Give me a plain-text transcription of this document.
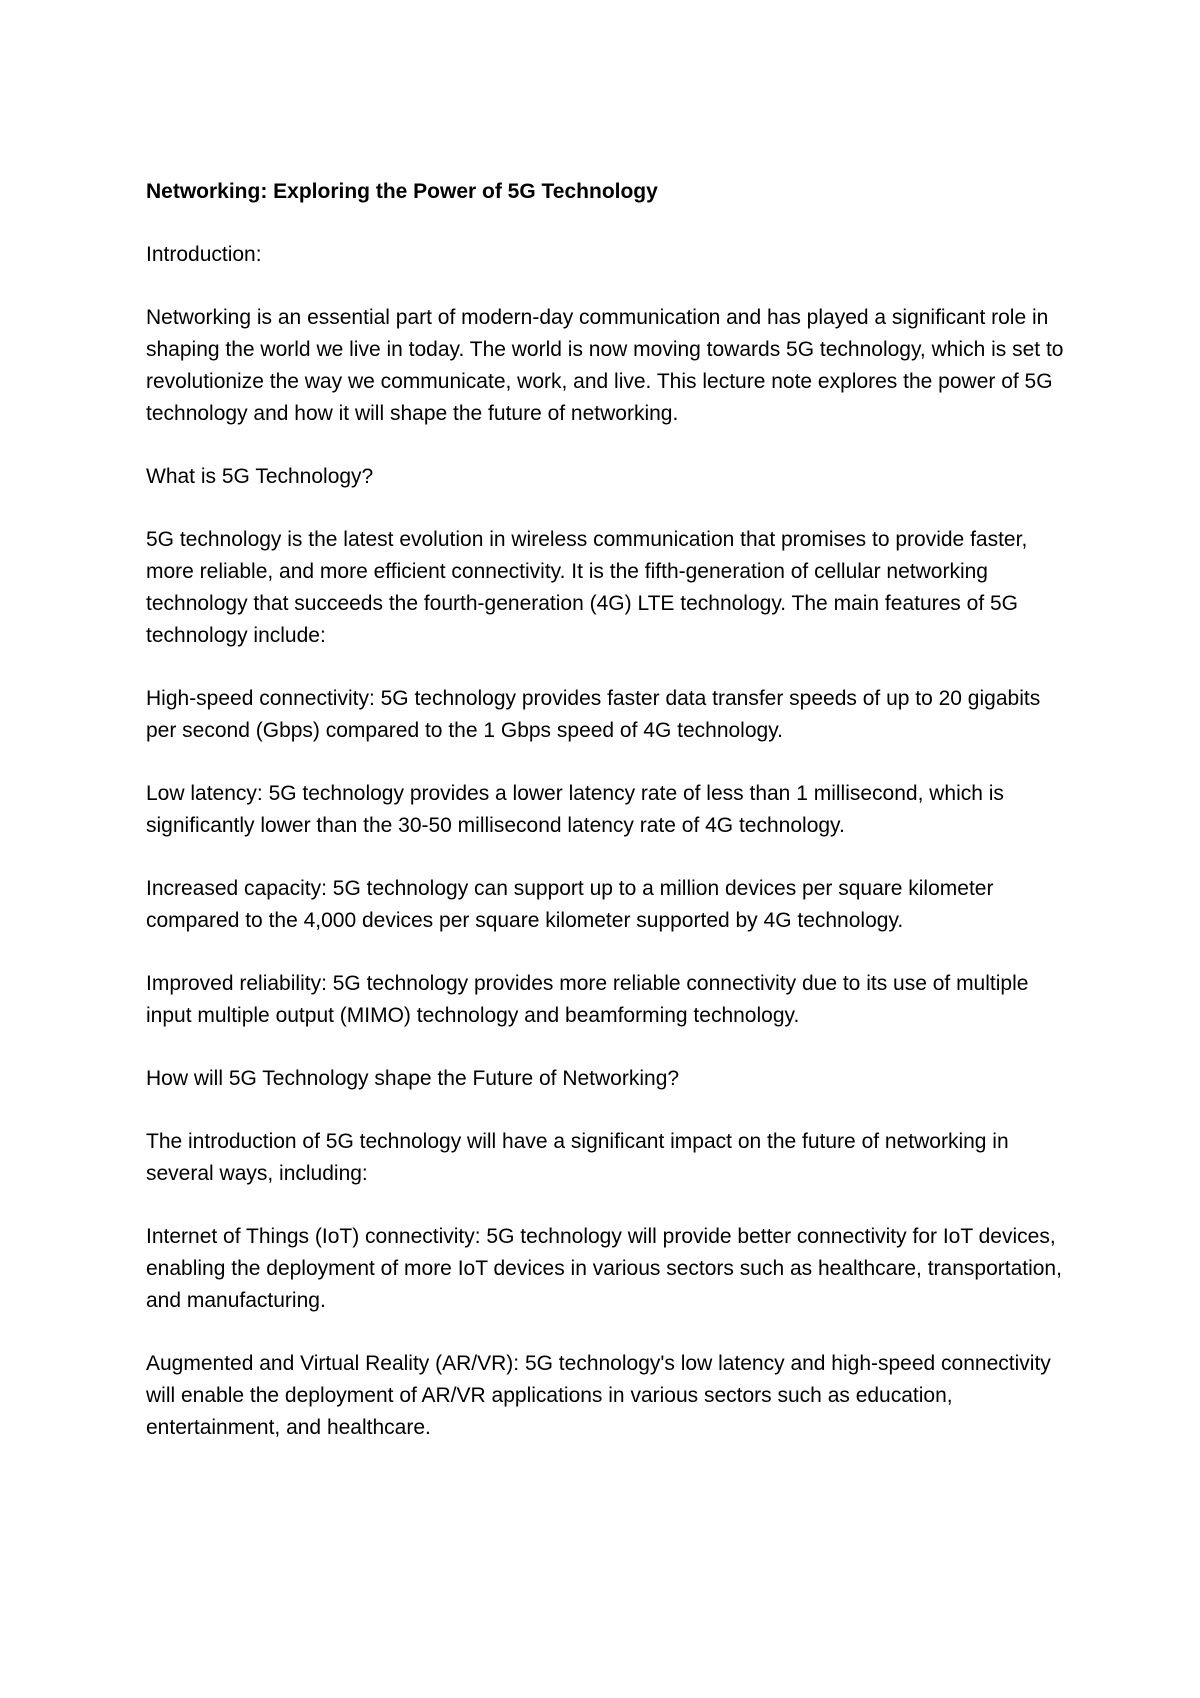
Networking: Exploring the Power of 5G Technology

Introduction:

Networking is an essential part of modern-day communication and has played a significant role in shaping the world we live in today. The world is now moving towards 5G technology, which is set to revolutionize the way we communicate, work, and live. This lecture note explores the power of 5G technology and how it will shape the future of networking.

What is 5G Technology?

5G technology is the latest evolution in wireless communication that promises to provide faster, more reliable, and more efficient connectivity. It is the fifth-generation of cellular networking technology that succeeds the fourth-generation (4G) LTE technology. The main features of 5G technology include:

High-speed connectivity: 5G technology provides faster data transfer speeds of up to 20 gigabits per second (Gbps) compared to the 1 Gbps speed of 4G technology.

Low latency: 5G technology provides a lower latency rate of less than 1 millisecond, which is significantly lower than the 30-50 millisecond latency rate of 4G technology.

Increased capacity: 5G technology can support up to a million devices per square kilometer compared to the 4,000 devices per square kilometer supported by 4G technology.

Improved reliability: 5G technology provides more reliable connectivity due to its use of multiple input multiple output (MIMO) technology and beamforming technology.

How will 5G Technology shape the Future of Networking?

The introduction of 5G technology will have a significant impact on the future of networking in several ways, including:

Internet of Things (IoT) connectivity: 5G technology will provide better connectivity for IoT devices, enabling the deployment of more IoT devices in various sectors such as healthcare, transportation, and manufacturing.

Augmented and Virtual Reality (AR/VR): 5G technology's low latency and high-speed connectivity will enable the deployment of AR/VR applications in various sectors such as education, entertainment, and healthcare.
